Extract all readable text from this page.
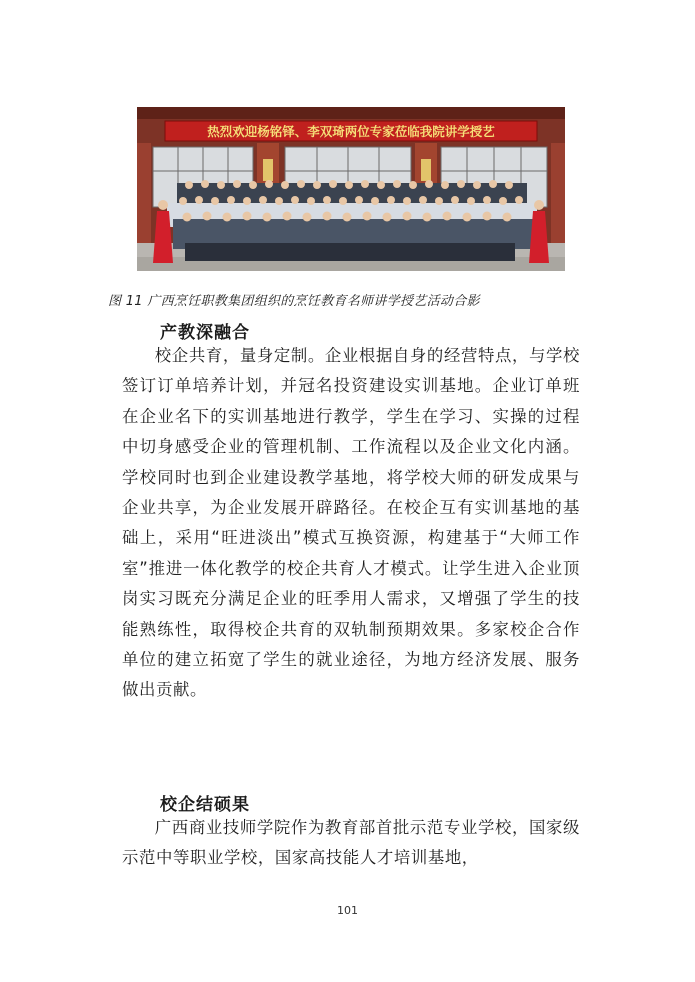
热烈欢迎杨铭铎、李双琦两位专家莅临我院讲学授艺
图 11 广西烹饪职教集团组织的烹饪教育名师讲学授艺活动合影
产教深融合
校企共育，量身定制。企业根据自身的经营特点，与学校签订订单培养计划，并冠名投资建设实训基地。企业订单班在企业名下的实训基地进行教学，学生在学习、实操的过程中切身感受企业的管理机制、工作流程以及企业文化内涵。学校同时也到企业建设教学基地，将学校大师的研发成果与企业共享，为企业发展开辟路径。在校企互有实训基地的基础上，采用“旺进淡出”模式互换资源，构建基于“大师工作室”推进一体化教学的校企共育人才模式。让学生进入企业顶岗实习既充分满足企业的旺季用人需求，又增强了学生的技能熟练性，取得校企共育的双轨制预期效果。多家校企合作单位的建立拓宽了学生的就业途径，为地方经济发展、服务做出贡献。
校企结硕果
广西商业技师学院作为教育部首批示范专业学校，国家级示范中等职业学校，国家高技能人才培训基地，
101
